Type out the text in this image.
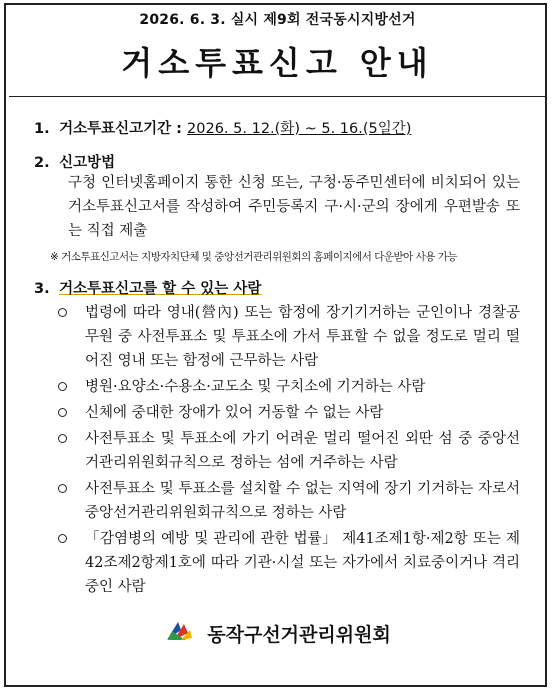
2026. 6. 3. 실시 제9회 전국동시지방선거
거소투표신고 안내
1. 거소투표신고기간 : 2026. 5. 12.(화) ~ 5. 16.(5일간)
2. 신고방법
구청 인터넷홈페이지 통한 신청 또는, 구청·동주민센터에 비치되어 있는 거소투표신고서를 작성하여 주민등록지 구·시·군의 장에게 우편발송 또는 직접 제출
※ 거소투표신고서는 지방자치단체 및 중앙선거관리위원회의 홈페이지에서 다운받아 사용 가능
3. 거소투표신고를 할 수 있는 사람
법령에 따라 영내(營內) 또는 함정에 장기기거하는 군인이나 경찰공무원 중 사전투표소 및 투표소에 가서 투표할 수 없을 정도로 멀리 떨어진 영내 또는 함정에 근무하는 사람
병원·요양소·수용소·교도소 및 구치소에 기거하는 사람
신체에 중대한 장애가 있어 거동할 수 없는 사람
사전투표소 및 투표소에 가기 어려운 멀리 떨어진 외딴 섬 중 중앙선거관리위원회규칙으로 정하는 섬에 거주하는 사람
사전투표소 및 투표소를 설치할 수 없는 지역에 장기 기거하는 자로서 중앙선거관리위원회규칙으로 정하는 사람
「감염병의 예방 및 관리에 관한 법률」 제41조제1항·제2항 또는 제42조제2항제1호에 따라 기관·시설 또는 자가에서 치료중이거나 격리중인 사람
동작구선거관리위원회
